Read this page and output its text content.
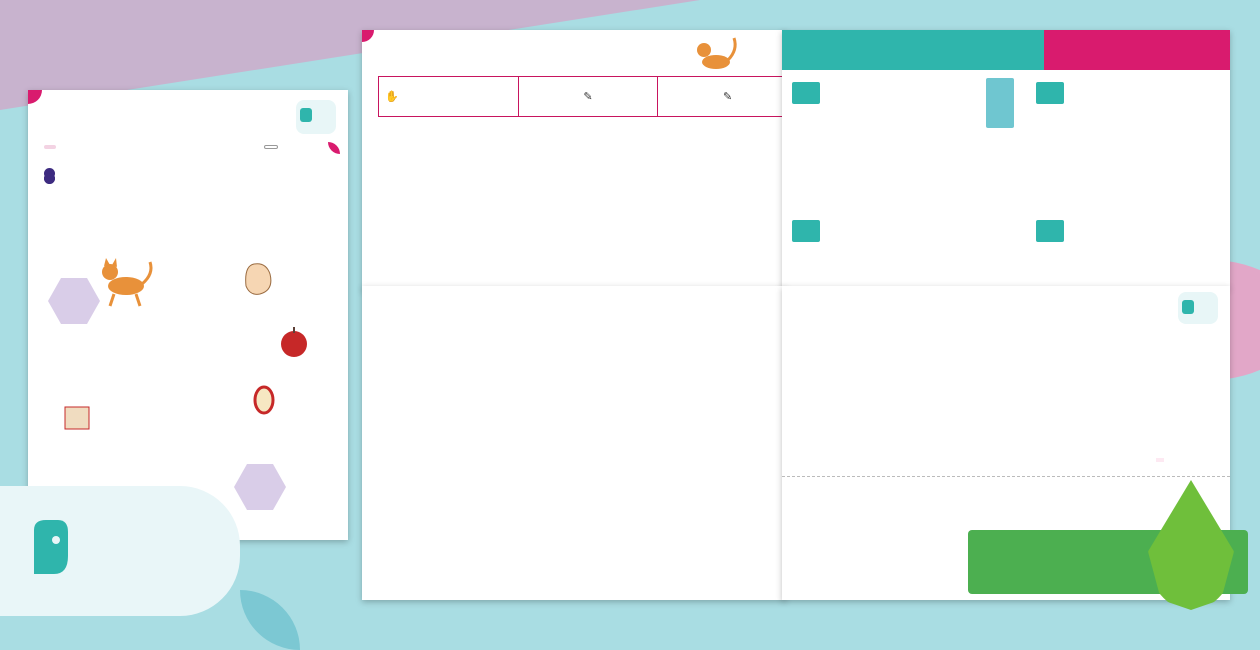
✋	✎	✎
